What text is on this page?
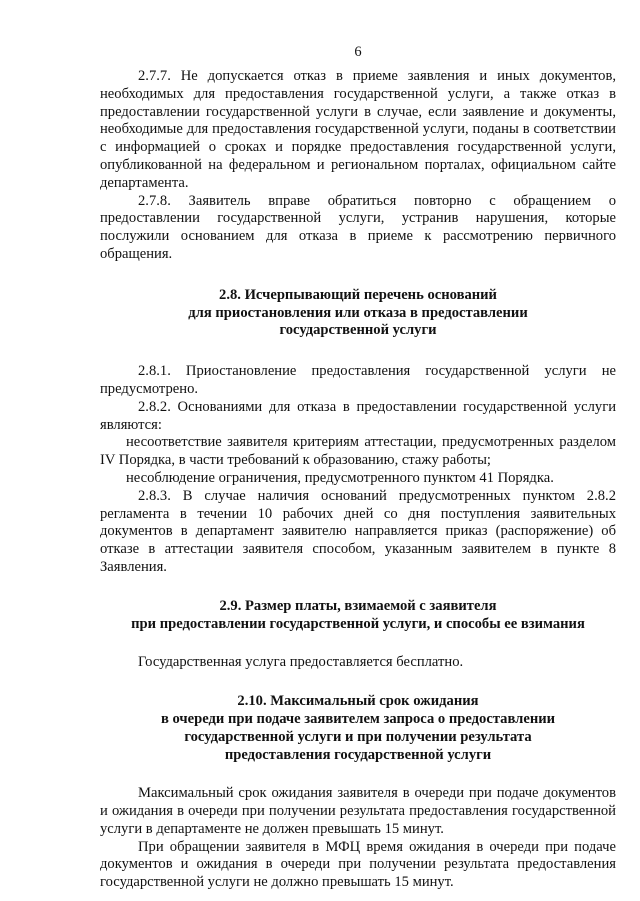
6

2.7.7. Не допускается отказ в приеме заявления и иных документов, необходимых для предоставления государственной услуги, а также отказ в предоставлении государственной услуги в случае, если заявление и документы, необходимые для предоставления государственной услуги, поданы в соответствии с информацией о сроках и порядке предоставления государственной услуги, опубликованной на федеральном и региональном порталах, официальном сайте департамента.

2.7.8. Заявитель вправе обратиться повторно с обращением о предоставлении государственной услуги, устранив нарушения, которые послужили основанием для отказа в приеме к рассмотрению первичного обращения.

2.8. Исчерпывающий перечень оснований
для приостановления или отказа в предоставлении
государственной услуги

2.8.1. Приостановление предоставления государственной услуги не предусмотрено.

2.8.2. Основаниями для отказа в предоставлении государственной услуги являются:

несоответствие заявителя критериям аттестации, предусмотренных разделом IV Порядка, в части требований к образованию, стажу работы;

несоблюдение ограничения, предусмотренного пунктом 41 Порядка.

2.8.3. В случае наличия оснований предусмотренных пунктом 2.8.2 регламента в течении 10 рабочих дней со дня поступления заявительных документов в департамент заявителю направляется приказ (распоряжение) об отказе в аттестации заявителя способом, указанным заявителем в пункте 8 Заявления.

2.9. Размер платы, взимаемой с заявителя
при предоставлении государственной услуги, и способы ее взимания

Государственная услуга предоставляется бесплатно.

2.10. Максимальный срок ожидания
в очереди при подаче заявителем запроса о предоставлении
государственной услуги и при получении результата
предоставления государственной услуги

Максимальный срок ожидания заявителя в очереди при подаче документов и ожидания в очереди при получении результата предоставления государственной услуги в департаменте не должен превышать 15 минут.

При обращении заявителя в МФЦ время ожидания в очереди при подаче документов и ожидания в очереди при получении результата предоставления государственной услуги не должно превышать 15 минут.
